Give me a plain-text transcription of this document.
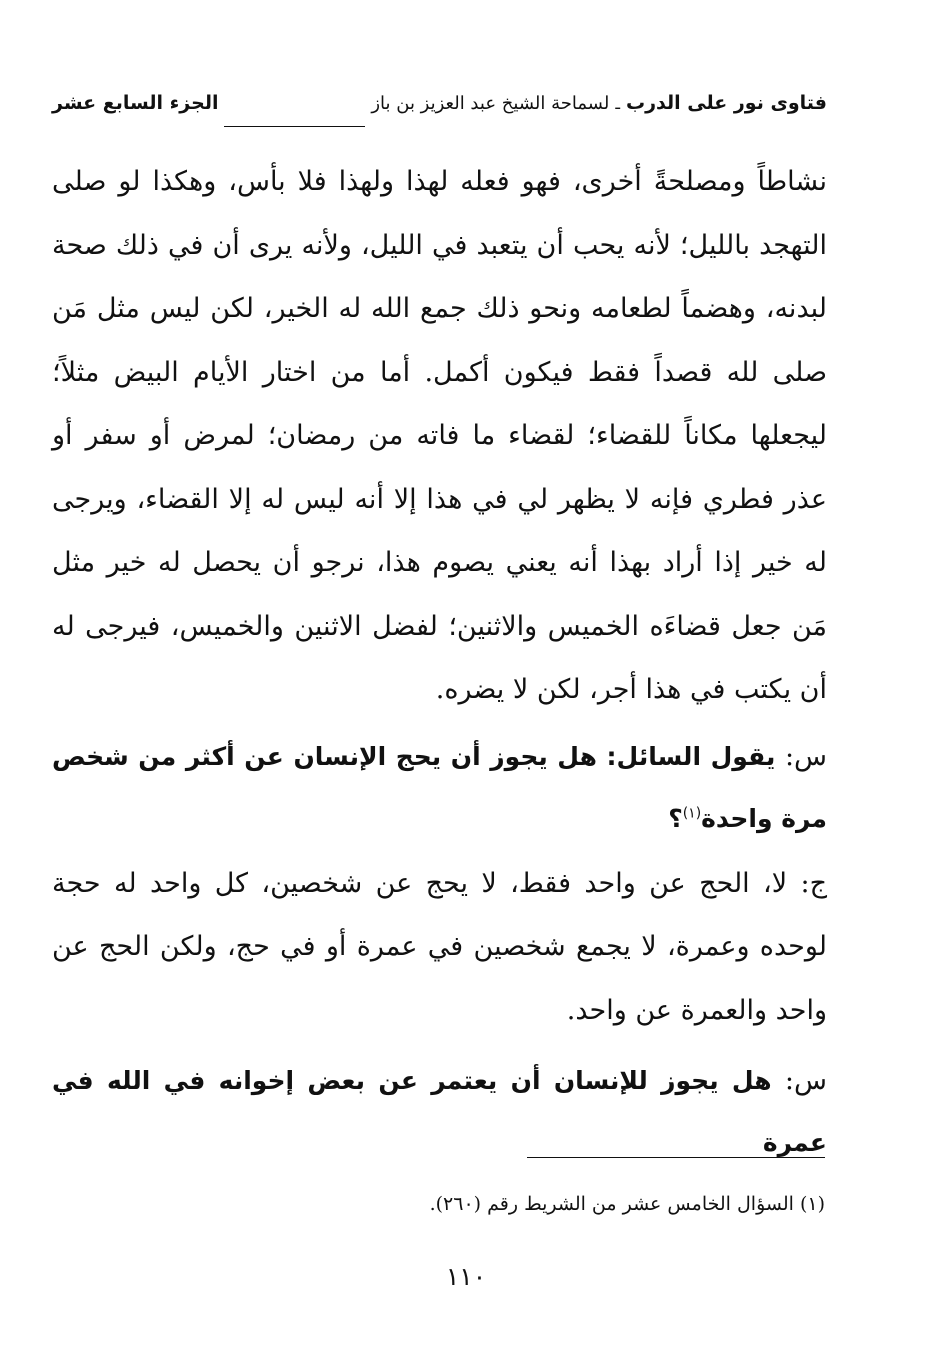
فتاوى نور على الدرب
ـ
لسماحة الشيخ عبد العزيز بن باز
الجزء السابع عشر

نشاطاً ومصلحةً أخرى، فهو فعله لهذا ولهذا فلا بأس، وهكذا لو صلى التهجد بالليل؛ لأنه يحب أن يتعبد في الليل، ولأنه يرى أن في ذلك صحة لبدنه، وهضماً لطعامه ونحو ذلك جمع الله له الخير، لكن ليس مثل مَن صلى لله قصداً فقط فيكون أكمل. أما من اختار الأيام البيض مثلاً؛ ليجعلها مكاناً للقضاء؛ لقضاء ما فاته من رمضان؛ لمرض أو سفر أو عذر فطري فإنه لا يظهر لي في هذا إلا أنه ليس له إلا القضاء، ويرجى له خير إذا أراد بهذا أنه يعني يصوم هذا، نرجو أن يحصل له خير مثل مَن جعل قضاءَه الخميس والاثنين؛ لفضل الاثنين والخميس، فيرجى له أن يكتب في هذا أجر، لكن لا يضره.

س: يقول السائل: هل يجوز أن يحج الإنسان عن أكثر من شخص مرة واحدة$^{(١)}$؟

ج: لا، الحج عن واحد فقط، لا يحج عن شخصين، كل واحد له حجة لوحده وعمرة، لا يجمع شخصين في عمرة أو في حج، ولكن الحج عن واحد والعمرة عن واحد.

س: هل يجوز للإنسان أن يعتمر عن بعض إخوانه في الله في عمرة

(١) السؤال الخامس عشر من الشريط رقم (٢٦٠).
١١٠
